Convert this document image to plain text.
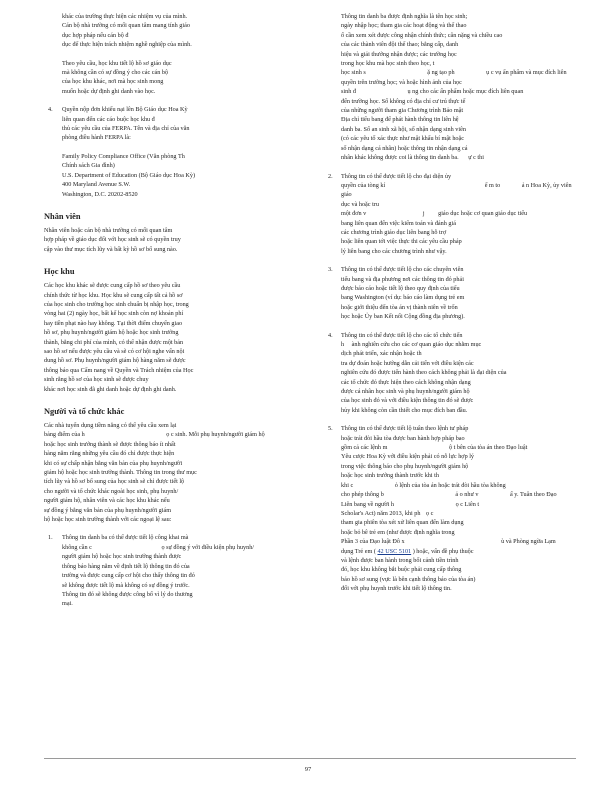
khác của trường thực hiện các nhiệm vụ của mình.
Cán bộ nhà trường có mối quan tâm mang tính giáo
dục hợp pháp nếu cán bộ đ
dục để thực hiện trách nhiệm nghề nghiệp của mình.
Theo yêu cầu, học khu tiết lộ hồ sơ giáo dục
mà không cần có sự đồng ý cho các cán bộ
của học khu khác, nơi mà học sinh mong
muốn hoặc dự định ghi danh vào học.
4. Quyền nộp đơn khiếu nại lên Bộ Giáo dục Hoa Kỳ
liên quan đến các cáo buộc học khu đ
thủ các yêu cầu của FERPA. Tên và địa chỉ của văn
phòng điều hành FERPA là:
Family Policy Compliance Office (Văn phòng Th
Chính sách Gia đình)
U.S. Department of Education (Bộ Giáo dục Hoa Kỳ)
400 Maryland Avenue S.W.
Washington, D.C. 20202-8520
Nhân viên
Nhân viên hoặc cán bộ nhà trường có mối quan tâm
hợp pháp về giáo dục đối với học sinh sẽ có quyền truy
cập vào thư mục tích lũy và bất kỳ hồ sơ bổ sung nào.
Học khu
Các học khu khác sẽ được cung cấp hồ sơ theo yêu cầu
chính thức từ học khu. Học khu sẽ cung cấp tất cả hồ sơ
của học sinh cho trường học sinh chuẩn bị nhập học, trong
vòng hai (2) ngày học, bất kể học sinh còn nợ khoản phí
hay tiền phạt nào hay không. Tại thời điểm chuyển giao
hồ sơ, phụ huynh/người giám hộ hoặc học sinh trưởng
thành, bằng chi phí của mình, có thể nhận được một bản
sao hồ sơ nếu được yêu cầu và sẽ có cơ hội nghe vấn nội
dung hồ sơ. Phụ huynh/người giám hộ hàng năm sẽ được
thông báo qua Cẩm nang về Quyền và Trách nhiệm của Học
sinh rằng hồ sơ của học sinh sẽ được chuy
khác nơi học sinh đã ghi danh hoặc dự định ghi danh.
Người và tổ chức khác
Các nhà tuyển dụng tiềm năng có thể yêu cầu xem lại
bảng điểm của h	ọ c sinh. Mỗi phụ huynh/người giám hộ
hoặc học sinh trưởng thành sẽ được thông báo ít nhất
hàng năm rằng những yêu cầu đó chỉ được thực hiện
khi có sự chấp nhận bằng văn bản của phụ huynh/người
giám hộ hoặc học sinh trưởng thành. Thông tin trong thư mục
tích lũy và hồ sơ bổ sung của học sinh sẽ chỉ được tiết lộ
cho người và tổ chức khác ngoài học sinh, phụ huynh/
người giám hộ, nhân viên và các học khu khác nếu
sự đồng ý bằng văn bản của phụ huynh/người giám
hộ hoặc học sinh trưởng thành với các ngoại lệ sau:
1. Thông tin danh ba có thể được tiết lộ công khai mà
không cần c	ọ sự đồng ý với điều kiện phụ huynh/
người giám hộ hoặc học sinh trưởng thành được
thông báo hàng năm về định tiết lộ thông tin đó của
trường và được cung cấp cơ hội cho thấy thông tin đó
sẽ không được tiết lộ mà không có sự đồng ý trước.
Thông tin đó sẽ không được công bố vì lý do thương
mại.
Thông tin danh ba được định nghĩa là tên học sinh;
ngày nhập học; tham gia các hoạt động và thể thao
ố cần xem xét được công nhận chính thức; cân nặng và chiều cao
của các thành viên đội thể thao; bằng cấp, danh
hiệu và giải thưởng nhận được; các trường học
trong học khu mà học sinh theo học, t
học sinh s	ặ ng tạo ph	ụ c vụ ẩn phẩm và mục đích liên
quyền trên trường học; và hoặc hình ảnh của học
sinh đ	ụ ng cho các ấn phẩm hoặc mục đích liên quan
đến trường học. Số không có địa chỉ cư trú thực tế
của những người tham gia Chương trình Bảo mật
Địa chỉ tiểu bang để phát hành thông tin liên hệ
danh ba. Số an sinh xã hội, số nhận dạng sinh viên
(có các yêu tố xác thực như mật khẩu bí mật hoặc
số nhận dạng cá nhân) hoặc thông tin nhận dạng cá
nhân khác không được coi là thông tin danh ba. ự c thi
2. Thông tin có thể được tiết lộ cho đại diện ủy
quyền của tòng kí	ể m to	ả n Hoa Kỳ, ủy viên giáo
dục và hoặc tru
một đơn v	j giáo dục hoặc cơ quan giáo dục tiểu
bang liên quan đến việc kiểm toán và đánh giá
các chương trình giáo dục liên bang hỗ trợ
hoặc liên quan tới việc thực thi các yêu cầu pháp
lý liên bang cho các chương trình như vậy.
3. Thông tin có thể được tiết lộ cho các chuyên viên
tiểu bang và địa phương nơi các thông tin đó phải
được báo cáo hoặc tiết lộ theo quy định của tiểu
bang Washington (ví dụ: báo cáo làm dụng trẻ em
hoặc giới thiệu đến tòa án vị thành niên về trốn
học hoặc Ủy ban Kết nối Cộng đồng địa phương).
4. Thông tin có thể được tiết lộ cho các tổ chức tiến
h ành nghiên cứu cho các cơ quan giáo dục nhằm mục
dịch phát triển, xác nhận hoặc th
tra dự đoán hoặc hướng dẫn cải tiến với điều kiện các
nghiên cứu đó được tiến hành theo cách không phải là đại diện của
các tổ chức đó thực hiện theo cách không nhận dạng
được cá nhân học sinh và phụ huynh/người giám hộ
của học sinh đó và với điều kiện thông tin đó sẽ được
hủy khi không còn cần thiết cho mục đích ban đầu.
5. Thông tin có thể được tiết lộ tuân theo lệnh tư pháp
hoặc trát đòi hầu tòa được ban hành hợp pháp bao
gồm cả các lệnh m	ộ t bên của tòa án theo Đạo luật
Yêu cược Hoa Kỳ với điều kiện phải có nỗ lực hợp lý
trong việc thông báo cho phụ huynh/người giám hộ
hoặc học sinh trưởng thành trước khi th
khi c	ỏ lệnh của tòa án hoặc trát đòi hầu tòa không
cho phép thông b	ả o như v	ấ y. Tuân theo Đạo
Liên bang về người h	ọ c Liên t
Scholar's Act) năm 2013, khi ph ọ c
tham gia phiên tòa xét xử liên quan đến làm dụng
hoặc bỏ bê trẻ em (như được định nghĩa trong
Phần 3 của Đạo luật Đô x	ù và Phòng ngừa Lạm
dụng Trẻ em ( 42 USC 5101 ) hoặc, vấn đề phụ thuộc
và lệnh được ban hành trong bối cảnh tiền trình
đó, học khu không bắt buộc phải cung cấp thông
báo hồ sơ sung (vực là bên cạnh thông báo của tòa án)
đối với phụ huynh trước khi tiết lộ thông tin.
97
